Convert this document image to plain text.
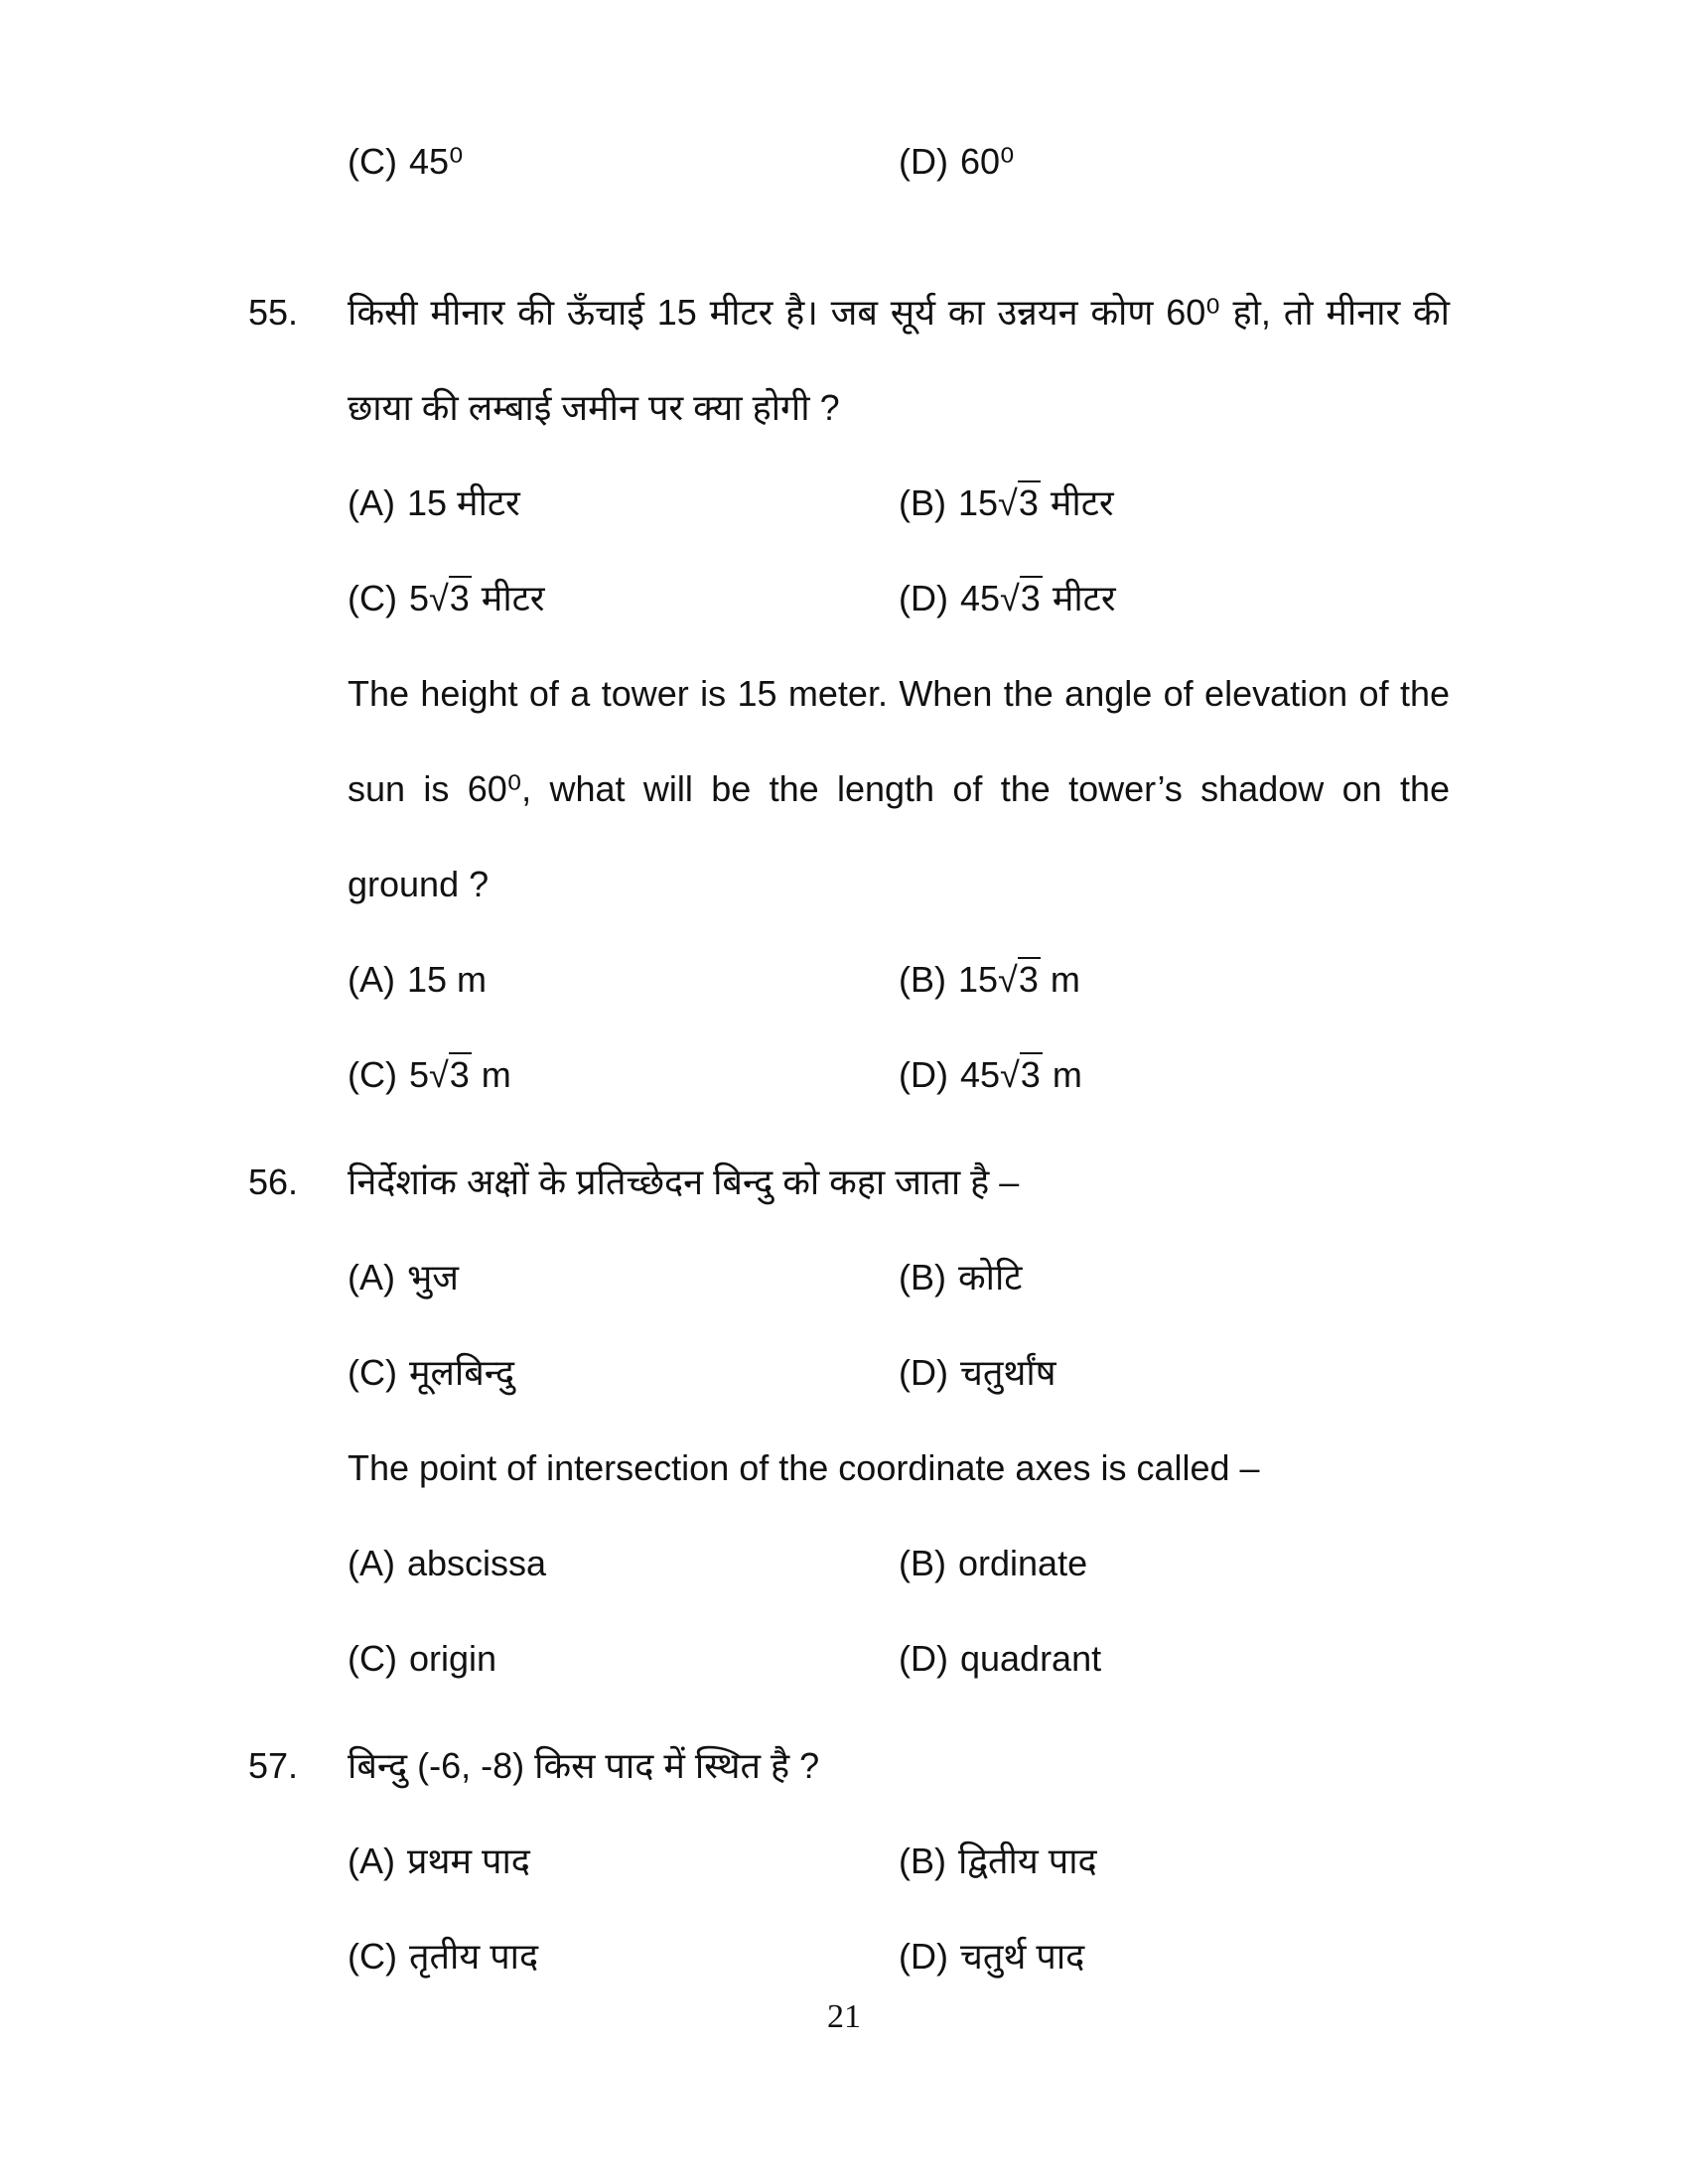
(C) 45⁰	(D) 60⁰
55.	किसी मीनार की ऊँचाई 15 मीटर है। जब सूर्य का उन्नयन कोण 60⁰ हो, तो मीनार की छाया की लम्बाई जमीन पर क्या होगी ?

(A) 15 मीटर	(B) 15√3 मीटर
(C) 5√3 मीटर	(D) 45√3 मीटर

The height of a tower is 15 meter. When the angle of elevation of the sun is 60⁰, what will be the length of the tower’s shadow on the ground ?

(A) 15 m	(B) 15√3 m
(C) 5√3 m	(D) 45√3 m
56.	निर्देशांक अक्षों के प्रतिच्छेदन बिन्दु को कहा जाता है –

(A) भुज	(B) कोटि
(C) मूलबिन्दु	(D) चतुर्थांष

The point of intersection of the coordinate axes is called –

(A) abscissa	(B) ordinate
(C) origin	(D) quadrant
57.	बिन्दु (-6, -8) किस पाद में स्थित है ?

(A) प्रथम पाद	(B) द्वितीय पाद
(C) तृतीय पाद	(D) चतुर्थ पाद
21
